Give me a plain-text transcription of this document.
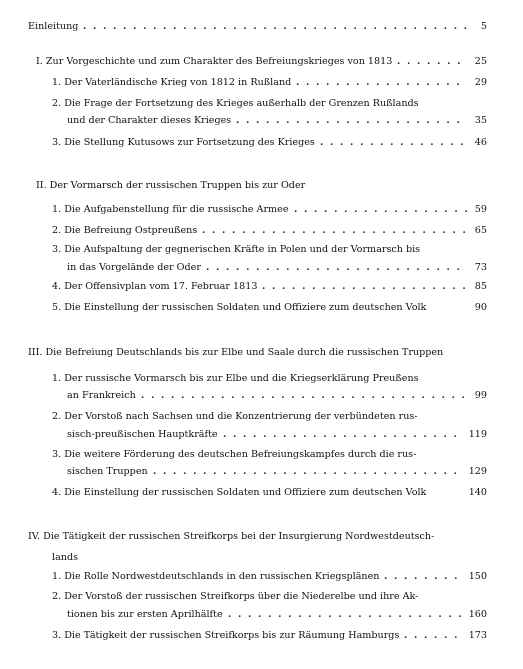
Einleitung . .	5
I. Zur Vorgeschichte und zum Charakter des Befreiungskrieges von 1813 . .	25
1. Der Vaterländische Krieg von 1812 in Rußland . .	29
2. Die Frage der Fortsetzung des Krieges außerhalb der Grenzen Rußlands
und der Charakter dieses Krieges . .	35
3. Die Stellung Kutusows zur Fortsetzung des Krieges . .	46
II. Der Vormarsch der russischen Truppen bis zur Oder
1. Die Aufgabenstellung für die russische Armee . .	59
2. Die Befreiung Ostpreußens . .	65
3. Die Aufspaltung der gegnerischen Kräfte in Polen und der Vormarsch bis
in das Vorgelände der Oder . .	73
4. Der Offensivplan vom 17. Februar 1813 . .	85
5. Die Einstellung der russischen Soldaten und Offiziere zum deutschen Volk	90
III. Die Befreiung Deutschlands bis zur Elbe und Saale durch die russischen Truppen
1. Der russische Vormarsch bis zur Elbe und die Kriegserklärung Preußens
an Frankreich . .	99
2. Der Vorstoß nach Sachsen und die Konzentrierung der verbündeten rus-
sisch-preußischen Hauptkräfte . .	119
3. Die weitere Förderung des deutschen Befreiungskampfes durch die rus-
sischen Truppen . .	129
4. Die Einstellung der russischen Soldaten und Offiziere zum deutschen Volk	140
IV. Die Tätigkeit der russischen Streifkorps bei der Insurgierung Nordwestdeutsch-
lands
1. Die Rolle Nordwestdeutschlands in den russischen Kriegsplänen . .	150
2. Der Vorstoß der russischen Streifkorps über die Niederelbe und ihre Ak-
tionen bis zur ersten Aprilhälfte . .	160
3. Die Tätigkeit der russischen Streifkorps bis zur Räumung Hamburgs . .	173
